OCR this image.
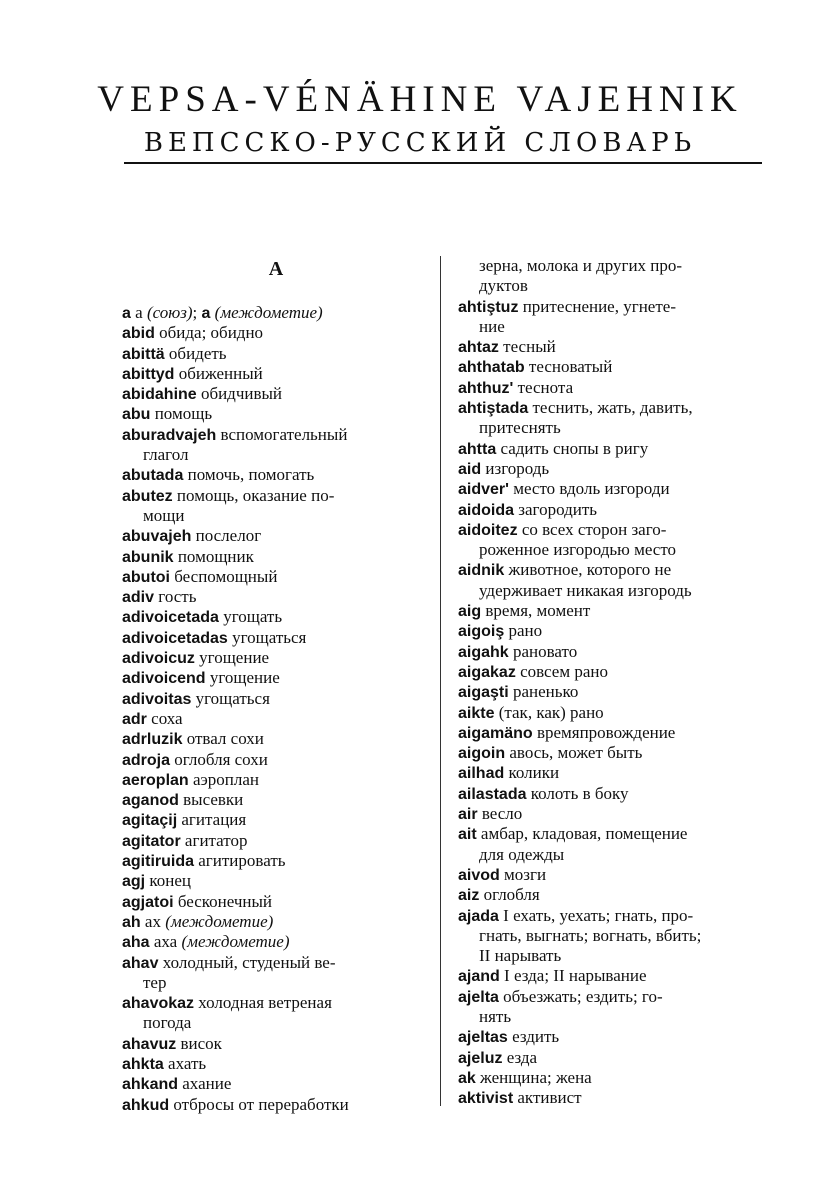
VEPSA-VÉNÄHINE VAJEHNIK
ВЕПССКО-РУССКИЙ СЛОВАРЬ
A
a а (союз); а (междометие)
abid обида; обидно
abittä обидеть
abittyd обиженный
abidahine обидчивый
abu помощь
aburadvajeh вспомогательный
глагол
abutada помочь, помогать
abutez помощь, оказание по-
мощи
abuvajeh послелог
abunik помощник
abutoi беспомощный
adiv гость
adivoicetada угощать
adivoicetadas угощаться
adivoicuz угощение
adivoicend угощение
adivoitas угощаться
adr соха
adrluzik отвал сохи
adroja оглобля сохи
aeroplan аэроплан
aganod высевки
agitaçij агитация
agitator агитатор
agitiruida агитировать
agj конец
agjatoi бесконечный
ah ах (междометие)
aha аха (междометие)
ahav холодный, студеный ве-
тер
ahavokaz холодная ветреная
погода
ahavuz висок
ahkta ахать
ahkand ахание
ahkud отбросы от переработки
зерна, молока и других про-
дуктов
ahtiştuz притеснение, угнете-
ние
ahtaz тесный
ahthatab тесноватый
ahthuz' теснота
ahtiştada теснить, жать, давить,
притеснять
ahtta садить снопы в ригу
aid изгородь
aidver' место вдоль изгороди
aidoida загородить
aidoitez со всех сторон заго-
роженное изгородью место
aidnik животное, которого не
удерживает никакая изгородь
aig время, момент
aigoiş рано
aigahk рановато
aigakaz совсем рано
aigaşti раненько
aikte (так, как) рано
aigamäno времяпровождение
aigoin авось, может быть
ailhad колики
ailastada колоть в боку
air весло
ait амбар, кладовая, помещение
для одежды
aivod мозги
aiz оглобля
ajada I ехать, уехать; гнать, про-
гнать, выгнать; вогнать, вбить;
II нарывать
ajand I езда; II нарывание
ajelta объезжать; ездить; го-
нять
ajeltas ездить
ajeluz езда
ak женщина; жена
aktivist активист
